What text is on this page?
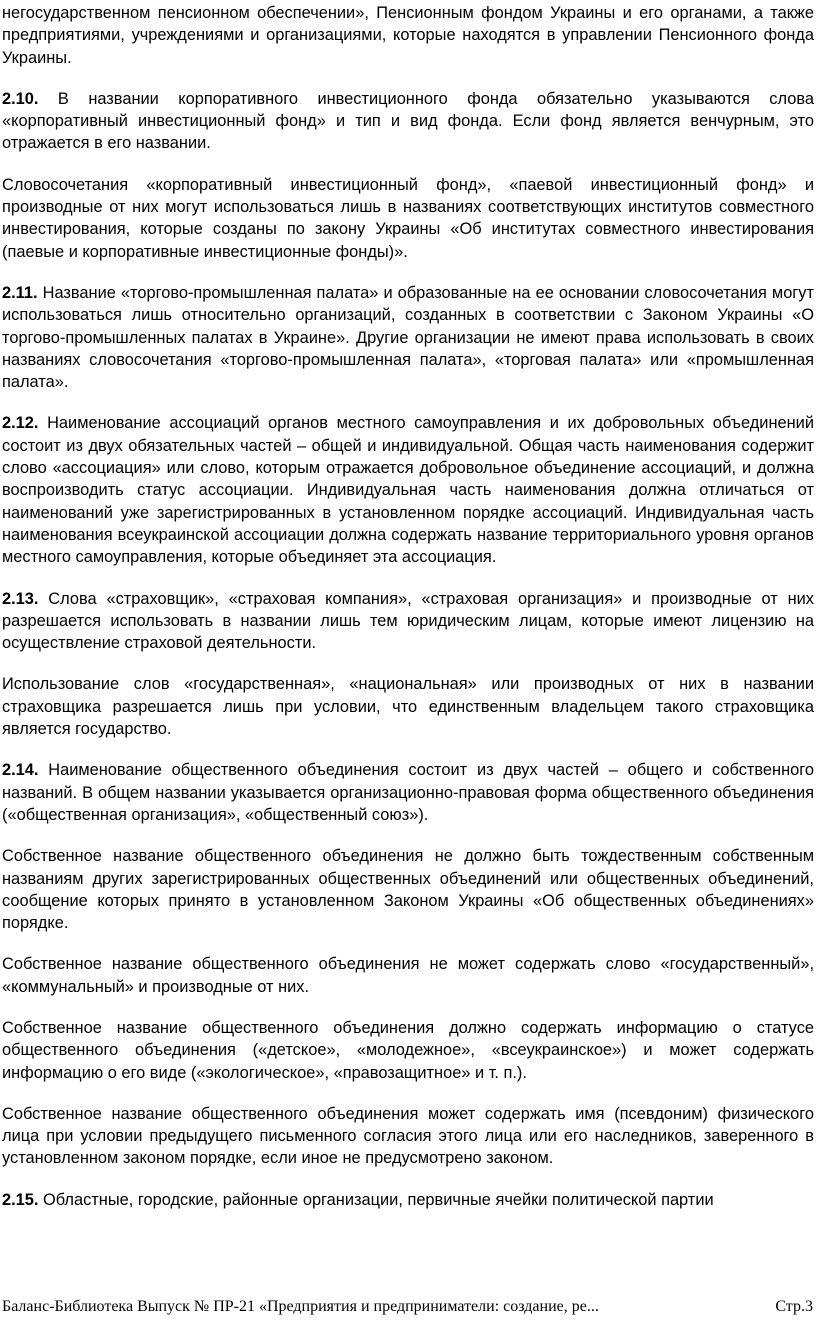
негосударственном пенсионном обеспечении», Пенсионным фондом Украины и его органами, а также предприятиями, учреждениями и организациями, которые находятся в управлении Пенсионного фонда Украины.

2.10. В названии корпоративного инвестиционного фонда обязательно указываются слова «корпоративный инвестиционный фонд» и тип и вид фонда. Если фонд является венчурным, это отражается в его названии.

Словосочетания «корпоративный инвестиционный фонд», «паевой инвестиционный фонд» и производные от них могут использоваться лишь в названиях соответствующих институтов совместного инвестирования, которые созданы по закону Украины «Об институтах совместного инвестирования (паевые и корпоративные инвестиционные фонды)».

2.11. Название «торгово-промышленная палата» и образованные на ее основании словосочетания могут использоваться лишь относительно организаций, созданных в соответствии с Законом Украины «О торгово-промышленных палатах в Украине». Другие организации не имеют права использовать в своих названиях словосочетания «торгово-промышленная палата», «торговая палата» или «промышленная палата».

2.12. Наименование ассоциаций органов местного самоуправления и их добровольных объединений состоит из двух обязательных частей – общей и индивидуальной. Общая часть наименования содержит слово «ассоциация» или слово, которым отражается добровольное объединение ассоциаций, и должна воспроизводить статус ассоциации. Индивидуальная часть наименования должна отличаться от наименований уже зарегистрированных в установленном порядке ассоциаций. Индивидуальная часть наименования всеукраинской ассоциации должна содержать название территориального уровня органов местного самоуправления, которые объединяет эта ассоциация.

2.13. Слова «страховщик», «страховая компания», «страховая организация» и производные от них разрешается использовать в названии лишь тем юридическим лицам, которые имеют лицензию на осуществление страховой деятельности.

Использование слов «государственная», «национальная» или производных от них в названии страховщика разрешается лишь при условии, что единственным владельцем такого страховщика является государство.

2.14. Наименование общественного объединения состоит из двух частей – общего и собственного названий. В общем названии указывается организационно-правовая форма общественного объединения («общественная организация», «общественный союз»).

Собственное название общественного объединения не должно быть тождественным собственным названиям других зарегистрированных общественных объединений или общественных объединений, сообщение которых принято в установленном Законом Украины «Об общественных объединениях» порядке.

Собственное название общественного объединения не может содержать слово «государственный», «коммунальный» и производные от них.

Собственное название общественного объединения должно содержать информацию о статусе общественного объединения («детское», «молодежное», «всеукраинское») и может содержать информацию о его виде («экологическое», «правозащитное» и т. п.).

Собственное название общественного объединения может содержать имя (псевдоним) физического лица при условии предыдущего письменного согласия этого лица или его наследников, заверенного в установленном законом порядке, если иное не предусмотрено законом.

2.15. Областные, городские, районные организации, первичные ячейки политической партии

Баланс-Библиотека Выпуск № ПР-21 «Предприятия и предприниматели: создание, ре...	Стр.3
